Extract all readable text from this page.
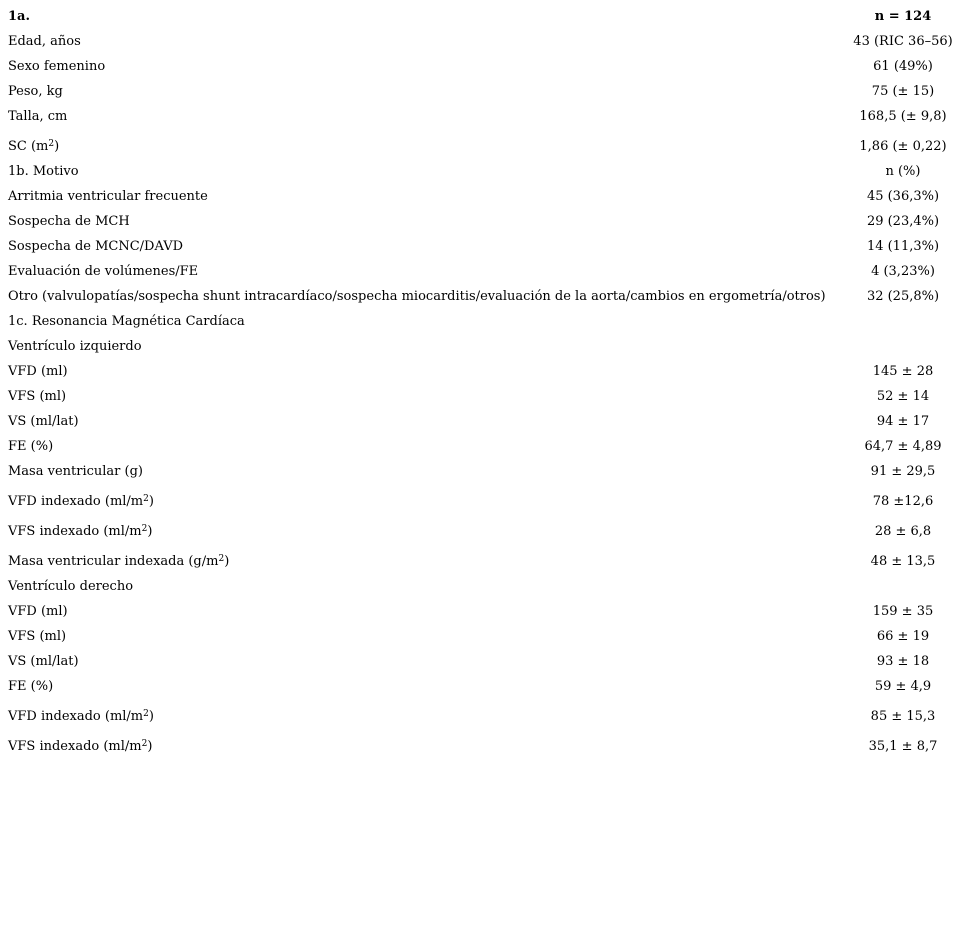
1a.	n = 124
Edad, años	43 (RIC 36–56)
Sexo femenino	61 (49%)
Peso, kg	75 (± 15)
Talla, cm	168,5 (± 9,8)
SC $(m^2)$	1,86 (± 0,22)
1b. Motivo	n (%)
Arritmia ventricular frecuente	45 (36,3%)
Sospecha de MCH	29 (23,4%)
Sospecha de MCNC/DAVD	14 (11,3%)
Evaluación de volúmenes/FE	4 (3,23%)
Otro (valvulopatías/sospecha shunt intracardíaco/sospecha miocarditis/evaluación de la aorta/cambios en ergometría/otros)	32 (25,8%)
1c. Resonancia Magnética Cardíaca
Ventrículo izquierdo
VFD (ml)	145 ± 28
VFS (ml)	52 ± 14
VS (ml/lat)	94 ± 17
FE (%)	64,7 ± 4,89
Masa ventricular (g)	91 ± 29,5
VFD indexado $(ml/m^2)$	78 ±12,6
VFS indexado $(ml/m^2)$	28 ± 6,8
Masa ventricular indexada $(g/m^2)$	48 ± 13,5
Ventrículo derecho
VFD (ml)	159 ± 35
VFS (ml)	66 ± 19
VS (ml/lat)	93 ± 18
FE (%)	59 ± 4,9
VFD indexado $(ml/m^2)$	85 ± 15,3
VFS indexado $(ml/m^2)$	35,1 ± 8,7
